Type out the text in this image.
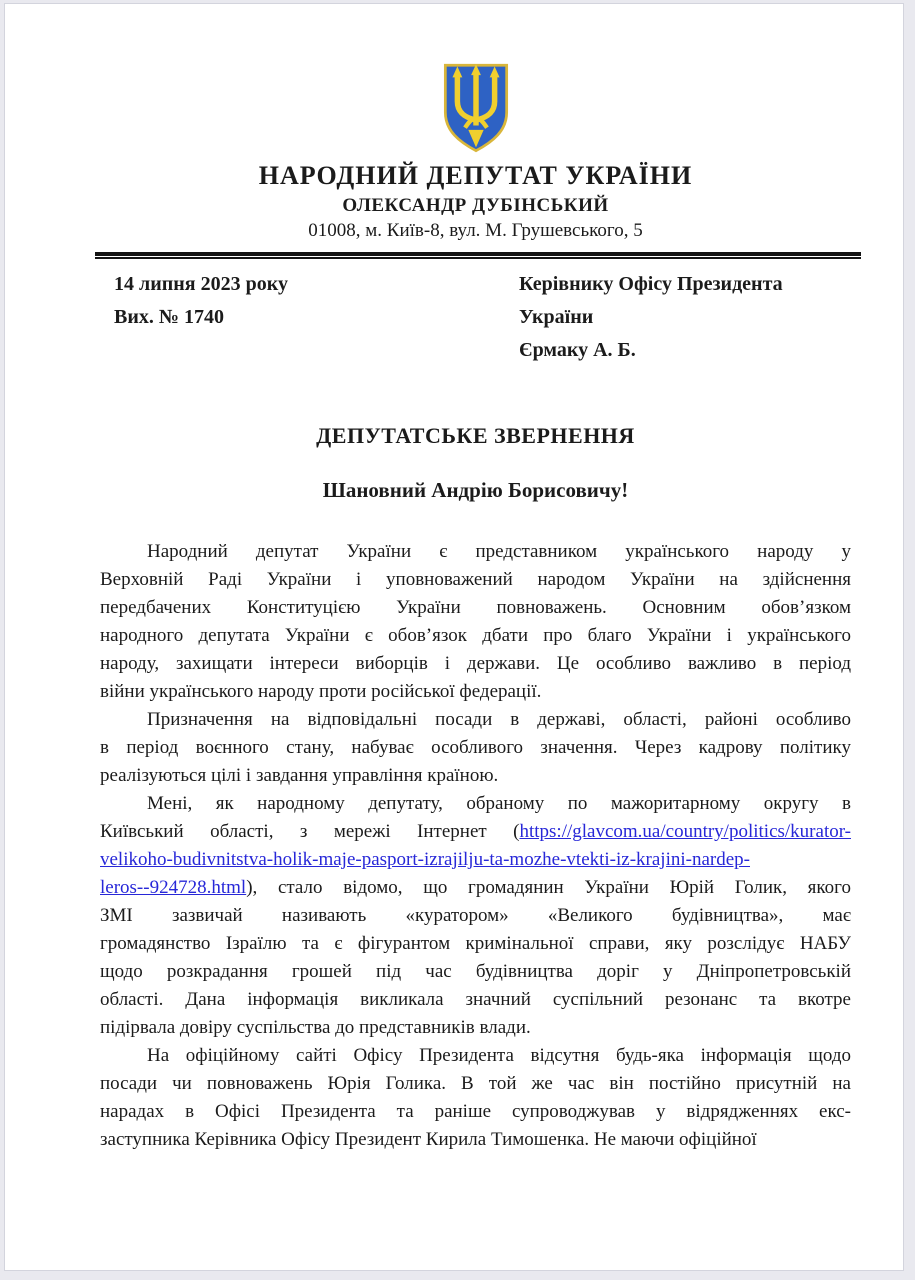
НАРОДНИЙ ДЕПУТАТ УКРАЇНИ
ОЛЕКСАНДР ДУБІНСЬКИЙ
01008, м. Київ-8, вул. М. Грушевського, 5
14 липня 2023 року
Вих. № 1740
Керівнику Офісу Президента
України
Єрмаку А. Б.
ДЕПУТАТСЬКЕ ЗВЕРНЕННЯ
Шановний Андрію Борисовичу!
Народний депутат України є представником українського народу у
Верховній Раді України і уповноважений народом України на здійснення
передбачених Конституцією України повноважень. Основним обов’язком
народного депутата України є обов’язок дбати про благо України і українського
народу, захищати інтереси виборців і держави. Це особливо важливо в період
війни українського народу проти російської федерації.
Призначення на відповідальні посади в державі, області, районі особливо
в період воєнного стану, набуває особливого значення. Через кадрову політику
реалізуються цілі і завдання управління країною.
Мені, як народному депутату, обраному по мажоритарному округу в
Київський області, з мережі Інтернет (https://glavcom.ua/country/politics/kurator-
velikoho-budivnitstva-holik-maje-pasport-izrajilju-ta-mozhe-vtekti-iz-krajini-nardep-
leros--924728.html), стало відомо, що громадянин України Юрій Голик, якого
ЗМІ зазвичай називають «куратором» «Великого будівництва», має
громадянство Ізраїлю та є фігурантом кримінальної справи, яку розслідує НАБУ
щодо розкрадання грошей під час будівництва доріг у Дніпропетровській
області. Дана інформація викликала значний суспільний резонанс та вкотре
підірвала довіру суспільства до представників влади.
На офіційному сайті Офісу Президента відсутня будь-яка інформація щодо
посади чи повноважень Юрія Голика. В той же час він постійно присутній на
нарадах в Офісі Президента та раніше супроводжував у відрядженнях екс-
заступника Керівника Офісу Президент Кирила Тимошенка. Не маючи офіційної
